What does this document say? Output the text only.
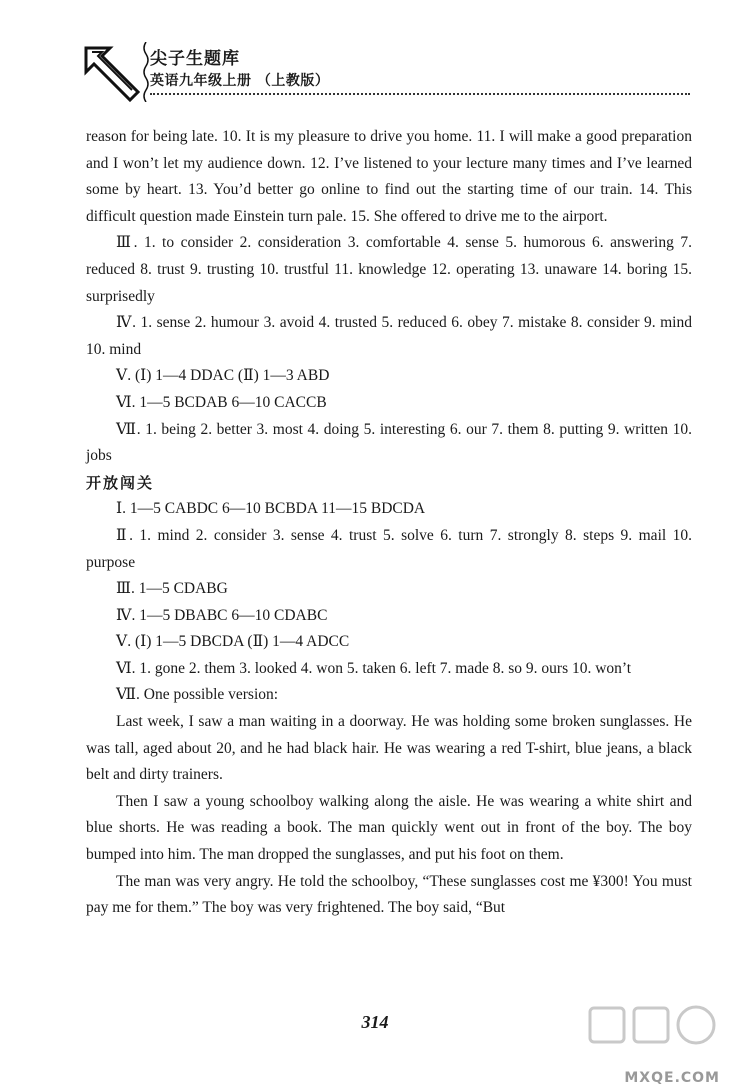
尖子生题库
英语九年级上册 （上教版）

reason for being late. 10. It is my pleasure to drive you home. 11. I will make a good preparation and I won’t let my audience down. 12. I’ve listened to your lecture many times and I’ve learned some by heart. 13. You’d better go online to find out the starting time of our train. 14. This difficult question made Einstein turn pale. 15. She offered to drive me to the airport.

Ⅲ. 1. to consider 2. consideration 3. comfortable 4. sense 5. humorous 6. answering 7. reduced 8. trust 9. trusting 10. trustful 11. knowledge 12. operating 13. unaware 14. boring 15. surprisedly

Ⅳ. 1. sense 2. humour 3. avoid 4. trusted 5. reduced 6. obey 7. mistake 8. consider 9. mind 10. mind

Ⅴ. (Ⅰ) 1—4 DDAC (Ⅱ) 1—3 ABD

Ⅵ. 1—5 BCDAB 6—10 CACCB

Ⅶ. 1. being 2. better 3. most 4. doing 5. interesting 6. our 7. them 8. putting 9. written 10. jobs

开放闯关

Ⅰ. 1—5 CABDC 6—10 BCBDA 11—15 BDCDA

Ⅱ. 1. mind 2. consider 3. sense 4. trust 5. solve 6. turn 7. strongly 8. steps 9. mail 10. purpose

Ⅲ. 1—5 CDABG

Ⅳ. 1—5 DBABC 6—10 CDABC

Ⅴ. (Ⅰ) 1—5 DBCDA (Ⅱ) 1—4 ADCC

Ⅵ. 1. gone 2. them 3. looked 4. won 5. taken 6. left 7. made 8. so 9. ours 10. won’t

Ⅶ. One possible version:

Last week, I saw a man waiting in a doorway. He was holding some broken sunglasses. He was tall, aged about 20, and he had black hair. He was wearing a red T-shirt, blue jeans, a black belt and dirty trainers.

Then I saw a young schoolboy walking along the aisle. He was wearing a white shirt and blue shorts. He was reading a book. The man quickly went out in front of the boy. The boy bumped into him. The man dropped the sunglasses, and put his foot on them.

The man was very angry. He told the schoolboy, “These sunglasses cost me ¥300! You must pay me for them.” The boy was very frightened. The boy said, “But

314
MXQE.COM
